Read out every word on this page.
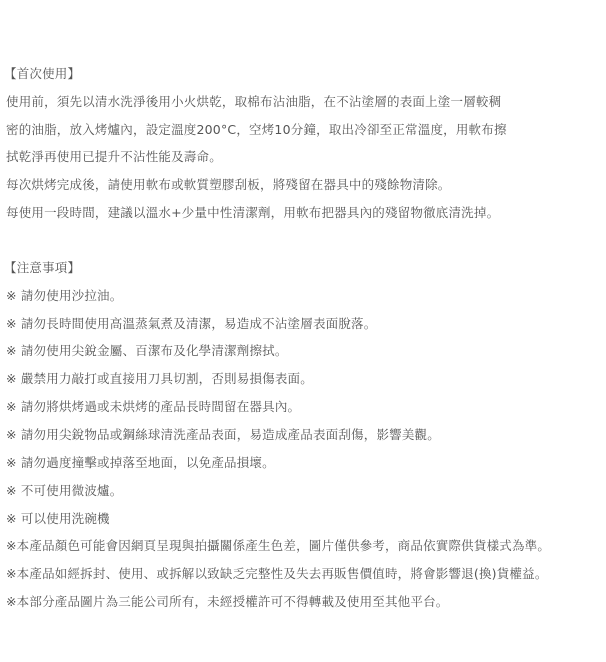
【首次使用】
使用前，須先以清水洗淨後用小火烘乾，取棉布沾油脂，在不沾塗層的表面上塗一層較稠
密的油脂，放入烤爐內，設定溫度200°C，空烤10分鐘，取出冷卻至正常溫度，用軟布擦
拭乾淨再使用已提升不沾性能及壽命。
每次烘烤完成後，請使用軟布或軟質塑膠刮板，將殘留在器具中的殘餘物清除。
每使用一段時間，建議以溫水+少量中性清潔劑，用軟布把器具內的殘留物徹底清洗掉。
【注意事項】
※ 請勿使用沙拉油。
※ 請勿長時間使用高溫蒸氣煮及清潔，易造成不沾塗層表面脫落。
※ 請勿使用尖銳金屬、百潔布及化學清潔劑擦拭。
※ 嚴禁用力敲打或直接用刀具切割，否則易損傷表面。
※ 請勿將烘烤過或未烘烤的產品長時間留在器具內。
※ 請勿用尖銳物品或鋼絲球清洗產品表面，易造成產品表面刮傷，影響美觀。
※ 請勿過度撞擊或掉落至地面，以免產品損壞。
※ 不可使用微波爐。
※ 可以使用洗碗機
※本產品顏色可能會因網頁呈現與拍攝關係產生色差，圖片僅供參考，商品依實際供貨樣式為準。
※本產品如經拆封、使用、或拆解以致缺乏完整性及失去再販售價值時，將會影響退(換)貨權益。
※本部分產品圖片為三能公司所有，未經授權許可不得轉載及使用至其他平台。
